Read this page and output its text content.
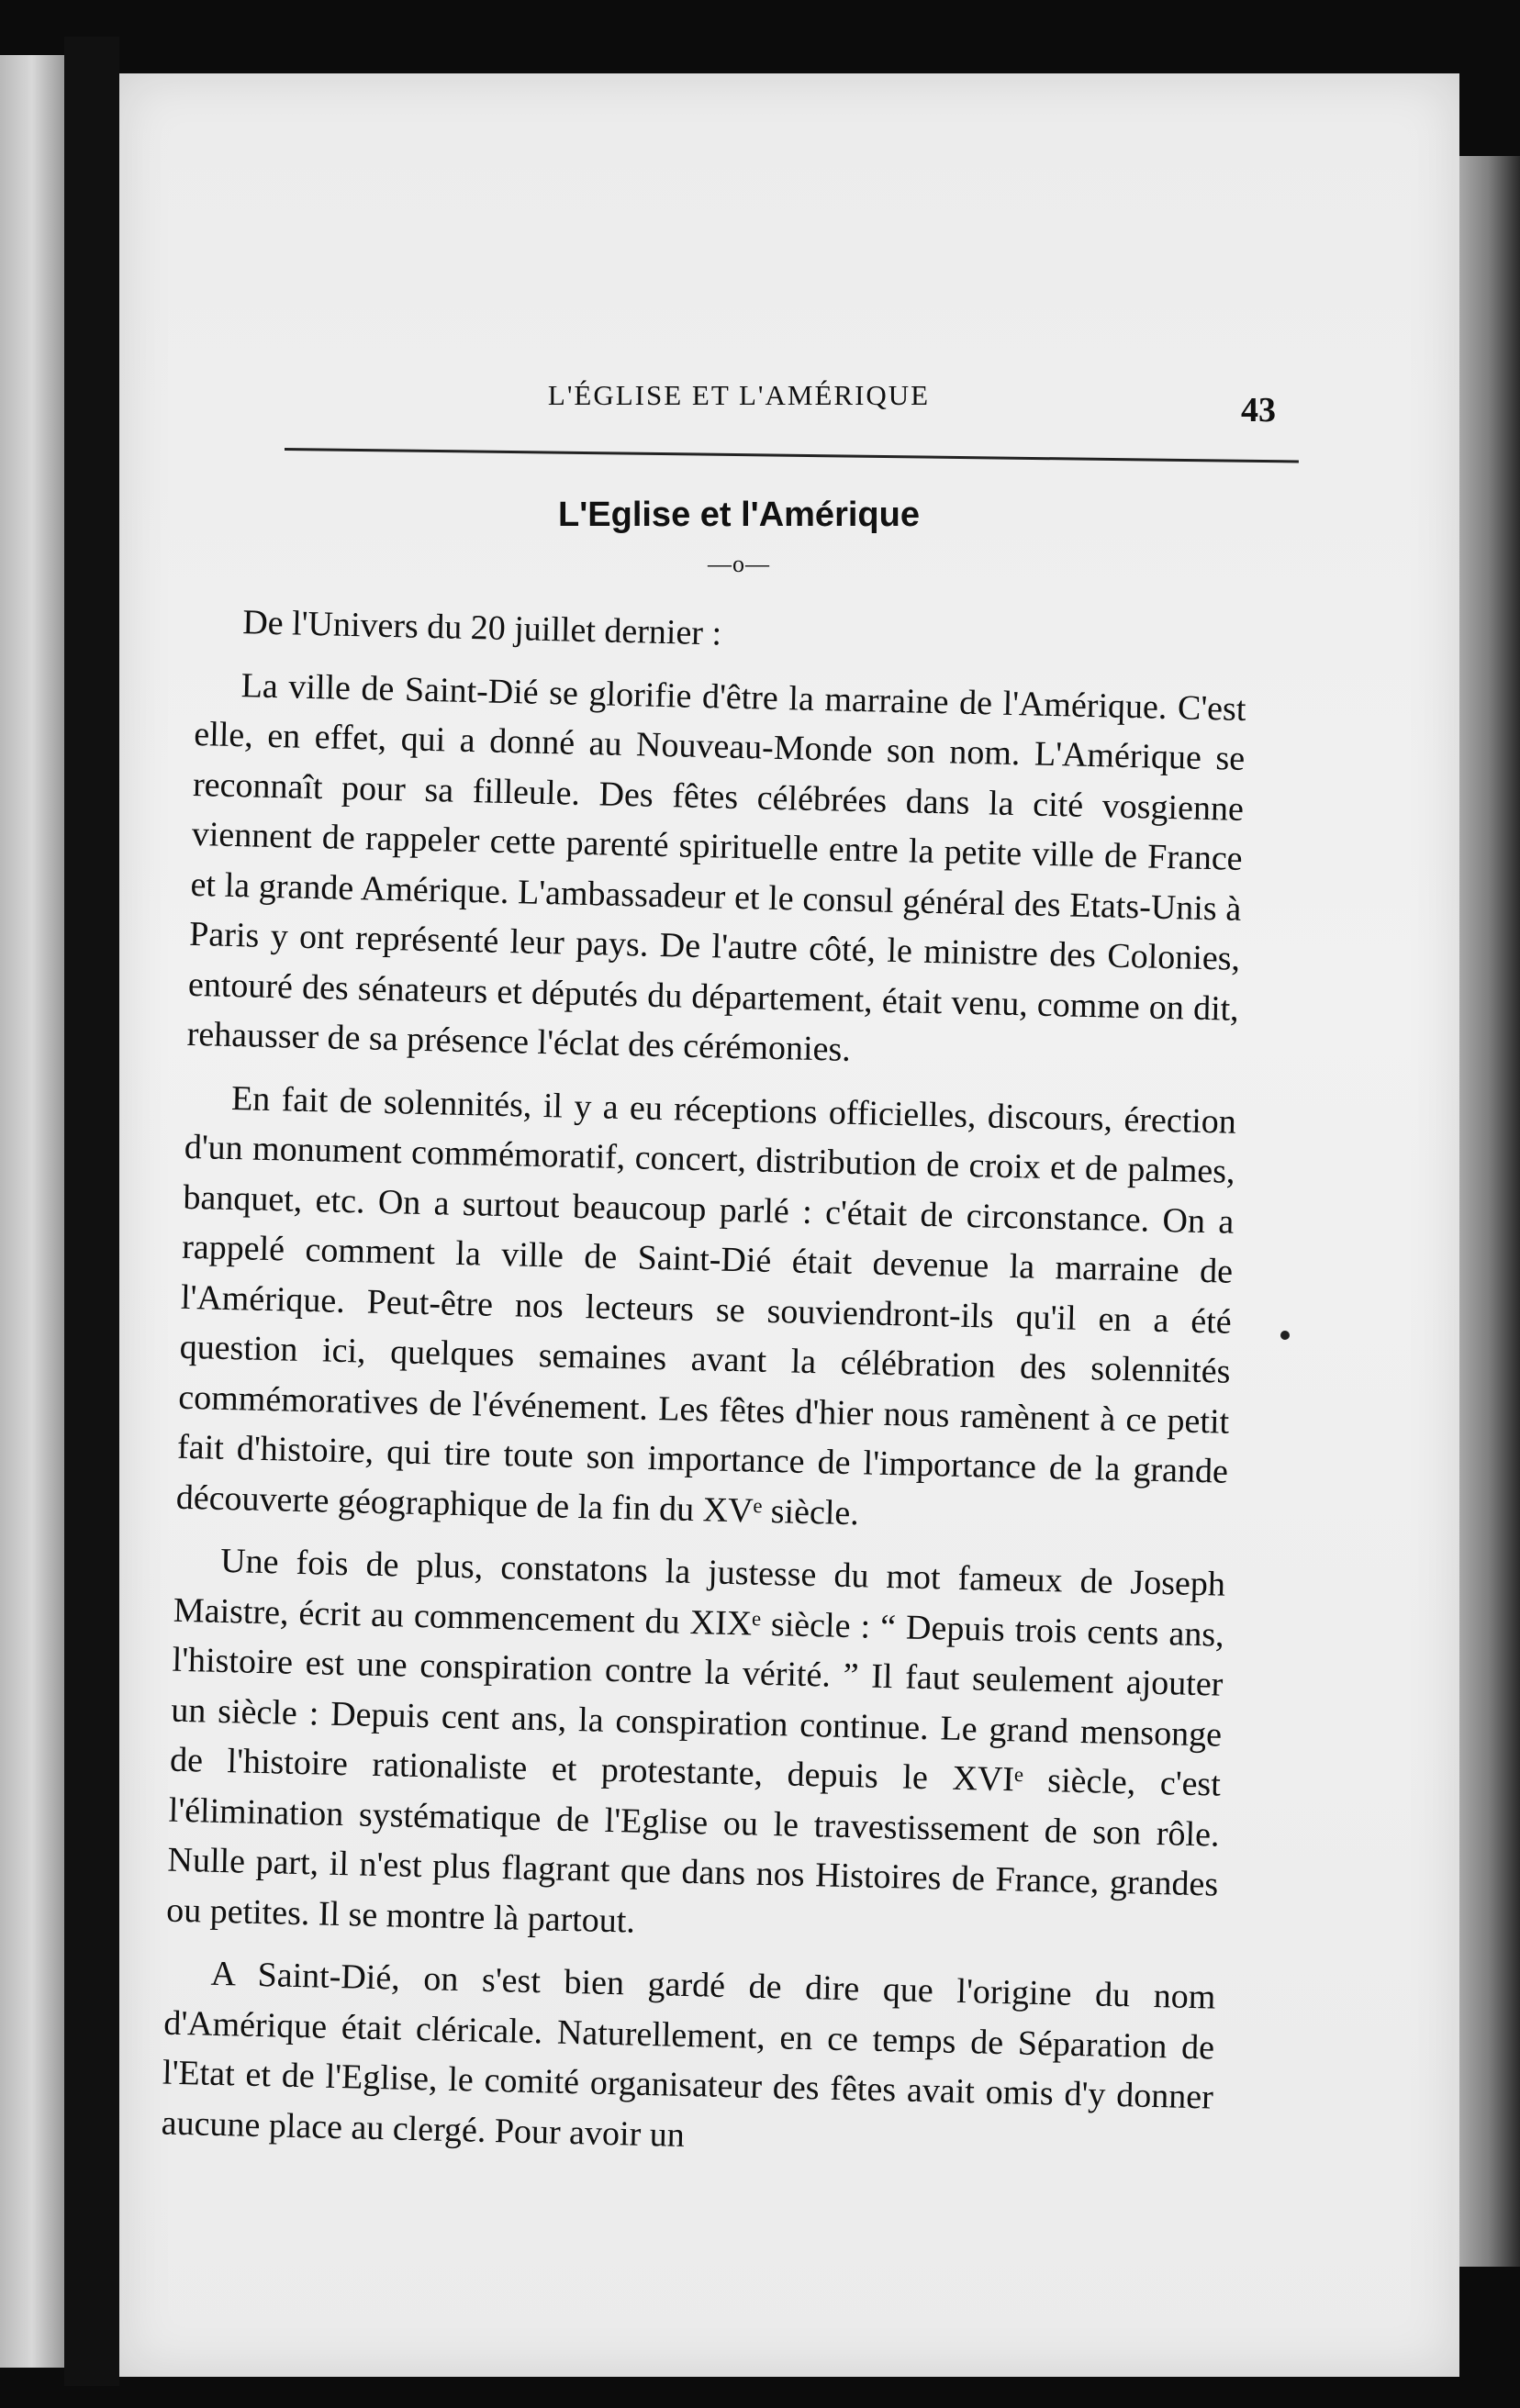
L'ÉGLISE ET L'AMÉRIQUE	43
L'Eglise et l'Amérique
—o—

De l'Univers du 20 juillet dernier :

La ville de Saint-Dié se glorifie d'être la marraine de l'Amérique. C'est elle, en effet, qui a donné au Nouveau-Monde son nom. L'Amérique se reconnaît pour sa filleule. Des fêtes célébrées dans la cité vosgienne viennent de rappeler cette parenté spirituelle entre la petite ville de France et la grande Amérique. L'ambassadeur et le consul général des Etats-Unis à Paris y ont représenté leur pays. De l'autre côté, le ministre des Colonies, entouré des sénateurs et députés du département, était venu, comme on dit, rehausser de sa présence l'éclat des cérémonies.

En fait de solennités, il y a eu réceptions officielles, discours, érection d'un monument commémoratif, concert, distribution de croix et de palmes, banquet, etc. On a surtout beaucoup parlé : c'était de circonstance. On a rappelé comment la ville de Saint-Dié était devenue la marraine de l'Amérique. Peut-être nos lecteurs se souviendront-ils qu'il en a été question ici, quelques semaines avant la célébration des solennités commémoratives de l'événement. Les fêtes d'hier nous ramènent à ce petit fait d'histoire, qui tire toute son importance de l'importance de la grande découverte géographique de la fin du XVᵉ siècle.

Une fois de plus, constatons la justesse du mot fameux de Joseph Maistre, écrit au commencement du XIXᵉ siècle : “ Depuis trois cents ans, l'histoire est une conspiration contre la vérité. ” Il faut seulement ajouter un siècle : Depuis cent ans, la conspiration continue. Le grand mensonge de l'histoire rationaliste et protestante, depuis le XVIᵉ siècle, c'est l'élimination systématique de l'Eglise ou le travestissement de son rôle. Nulle part, il n'est plus flagrant que dans nos Histoires de France, grandes ou petites. Il se montre là partout.

A Saint-Dié, on s'est bien gardé de dire que l'origine du nom d'Amérique était cléricale. Naturellement, en ce temps de Séparation de l'Etat et de l'Eglise, le comité organisateur des fêtes avait omis d'y donner aucune place au clergé. Pour avoir un
